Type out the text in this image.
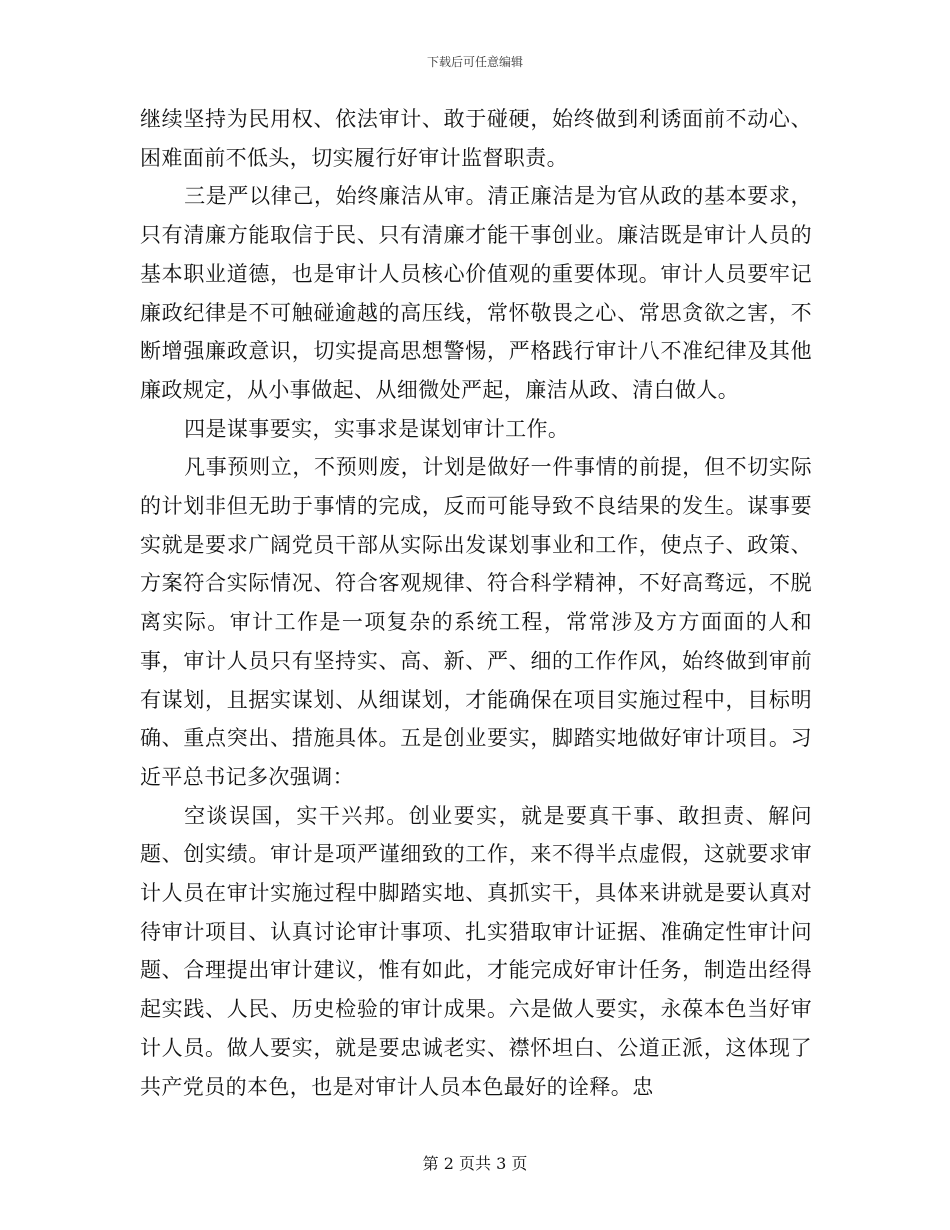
下载后可任意编辑

继续坚持为民用权、依法审计、敢于碰硬，始终做到利诱面前不动心、困难面前不低头，切实履行好审计监督职责。

三是严以律己，始终廉洁从审。清正廉洁是为官从政的基本要求，只有清廉方能取信于民、只有清廉才能干事创业。廉洁既是审计人员的基本职业道德，也是审计人员核心价值观的重要体现。审计人员要牢记廉政纪律是不可触碰逾越的高压线，常怀敬畏之心、常思贪欲之害，不断增强廉政意识，切实提高思想警惕，严格践行审计八不准纪律及其他廉政规定，从小事做起、从细微处严起，廉洁从政、清白做人。

四是谋事要实，实事求是谋划审计工作。

凡事预则立，不预则废，计划是做好一件事情的前提，但不切实际的计划非但无助于事情的完成，反而可能导致不良结果的发生。谋事要实就是要求广阔党员干部从实际出发谋划事业和工作，使点子、政策、方案符合实际情况、符合客观规律、符合科学精神，不好高骛远，不脱离实际。审计工作是一项复杂的系统工程，常常涉及方方面面的人和事，审计人员只有坚持实、高、新、严、细的工作作风，始终做到审前有谋划，且据实谋划、从细谋划，才能确保在项目实施过程中，目标明确、重点突出、措施具体。五是创业要实，脚踏实地做好审计项目。习近平总书记多次强调：

空谈误国，实干兴邦。创业要实，就是要真干事、敢担责、解问题、创实绩。审计是项严谨细致的工作，来不得半点虚假，这就要求审计人员在审计实施过程中脚踏实地、真抓实干，具体来讲就是要认真对待审计项目、认真讨论审计事项、扎实猎取审计证据、准确定性审计问题、合理提出审计建议，惟有如此，才能完成好审计任务，制造出经得起实践、人民、历史检验的审计成果。六是做人要实，永葆本色当好审计人员。做人要实，就是要忠诚老实、襟怀坦白、公道正派，这体现了共产党员的本色，也是对审计人员本色最好的诠释。忠

第 2 页共 3 页
